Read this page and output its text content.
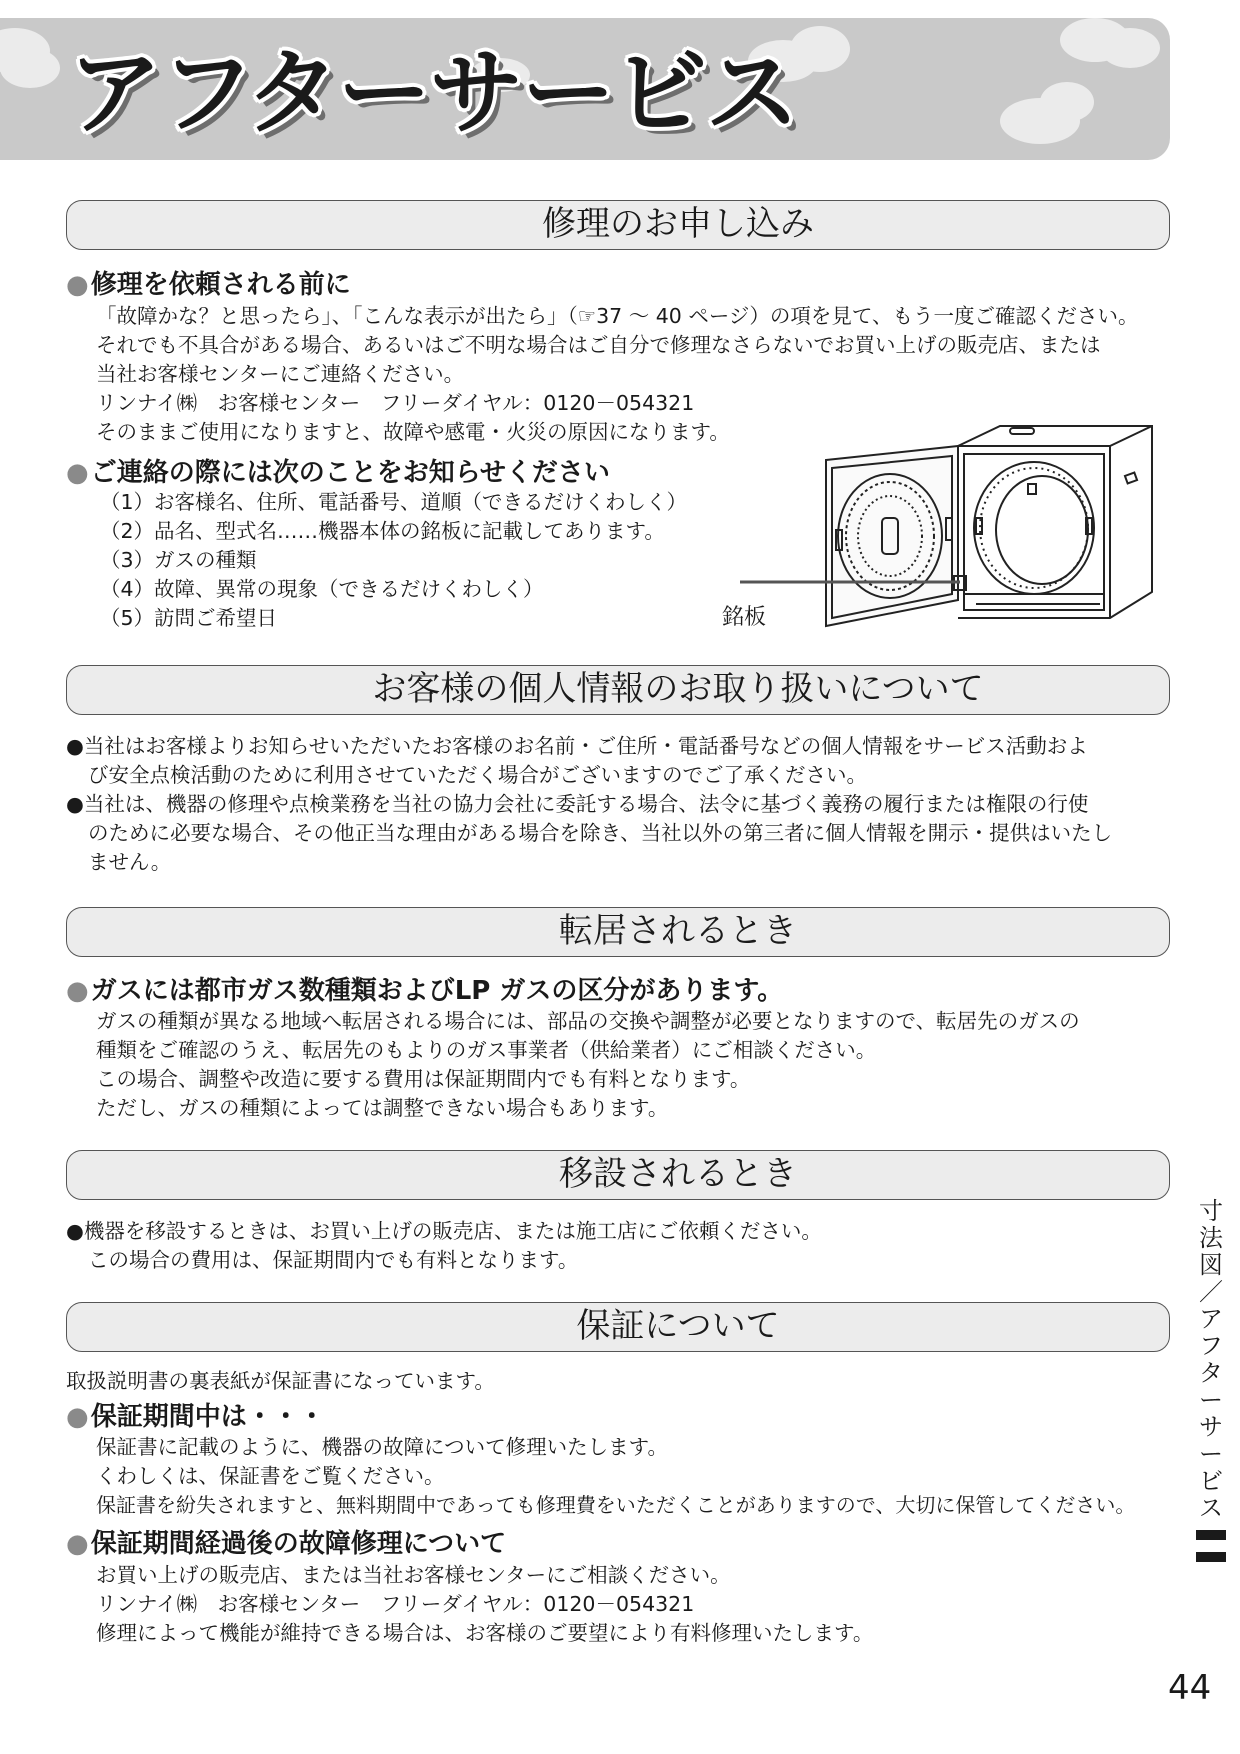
アフターサービス
修理のお申し込み
●修理を依頼される前に
「故障かな？と思ったら」、「こんな表示が出たら」（☞37 ～ 40 ページ）の項を見て、もう一度ご確認ください。
それでも不具合がある場合、あるいはご不明な場合はご自分で修理なさらないでお買い上げの販売店、または
当社お客様センターにご連絡ください。
リンナイ㈱　お客様センター　フリーダイヤル：0120－054321
そのままご使用になりますと、故障や感電・火災の原因になります。
●ご連絡の際には次のことをお知らせください
（1）お客様名、住所、電話番号、道順（できるだけくわしく）
（2）品名、型式名……機器本体の銘板に記載してあります。
（3）ガスの種類
（4）故障、異常の現象（できるだけくわしく）
（5）訪問ご希望日	銘板
お客様の個人情報のお取り扱いについて
●当社はお客様よりお知らせいただいたお客様のお名前・ご住所・電話番号などの個人情報をサービス活動およ
び安全点検活動のために利用させていただく場合がございますのでご了承ください。
●当社は、機器の修理や点検業務を当社の協力会社に委託する場合、法令に基づく義務の履行または権限の行使
のために必要な場合、その他正当な理由がある場合を除き、当社以外の第三者に個人情報を開示・提供はいたし
ません。
転居されるとき
●ガスには都市ガス数種類およびLP ガスの区分があります。
ガスの種類が異なる地域へ転居される場合には、部品の交換や調整が必要となりますので、転居先のガスの
種類をご確認のうえ、転居先のもよりのガス事業者（供給業者）にご相談ください。
この場合、調整や改造に要する費用は保証期間内でも有料となります。
ただし、ガスの種類によっては調整できない場合もあります。
移設されるとき
●機器を移設するときは、お買い上げの販売店、または施工店にご依頼ください。
この場合の費用は、保証期間内でも有料となります。
保証について
取扱説明書の裏表紙が保証書になっています。
●保証期間中は・・・
保証書に記載のように、機器の故障について修理いたします。
くわしくは、保証書をご覧ください。
保証書を紛失されますと、無料期間中であっても修理費をいただくことがありますので、大切に保管してください。
●保証期間経過後の故障修理について
お買い上げの販売店、または当社お客様センターにご相談ください。
リンナイ㈱　お客様センター　フリーダイヤル：0120－054321
修理によって機能が維持できる場合は、お客様のご要望により有料修理いたします。
寸
法
図
／
ア
フ
タ
ー
サ
ー
ビ
ス
44
